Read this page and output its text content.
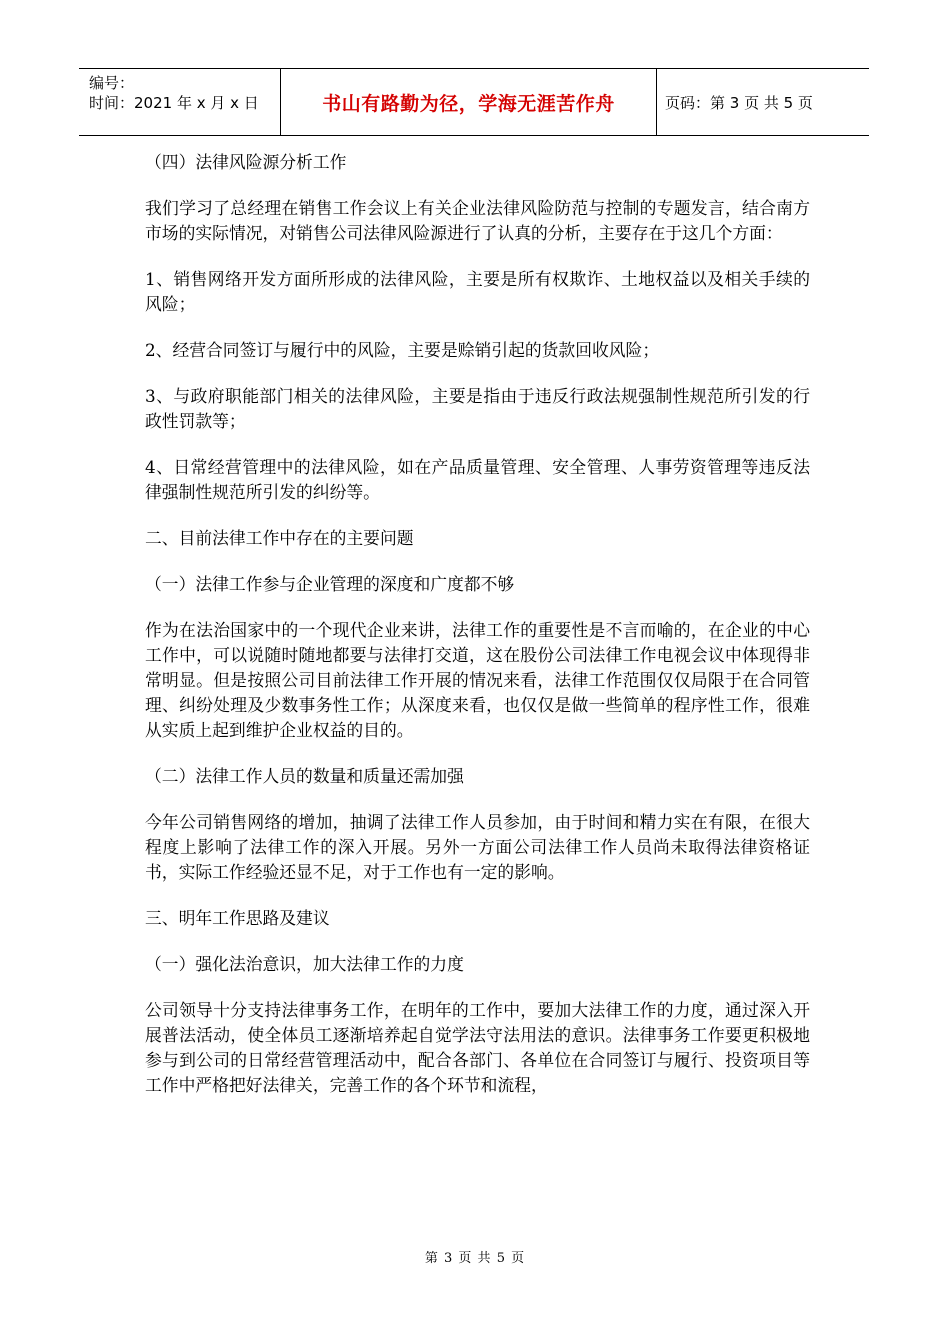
编号：
时间：2021 年 x 月 x 日	书山有路勤为径，学海无涯苦作舟	页码：第 3 页 共 5 页

（四）法律风险源分析工作

我们学习了总经理在销售工作会议上有关企业法律风险防范与控制的专题发言，结合南方市场的实际情况，对销售公司法律风险源进行了认真的分析，主要存在于这几个方面：

1、销售网络开发方面所形成的法律风险，主要是所有权欺诈、土地权益以及相关手续的风险；

2、经营合同签订与履行中的风险，主要是赊销引起的货款回收风险；

3、与政府职能部门相关的法律风险，主要是指由于违反行政法规强制性规范所引发的行政性罚款等；

4、日常经营管理中的法律风险，如在产品质量管理、安全管理、人事劳资管理等违反法律强制性规范所引发的纠纷等。

二、目前法律工作中存在的主要问题

（一）法律工作参与企业管理的深度和广度都不够

作为在法治国家中的一个现代企业来讲，法律工作的重要性是不言而喻的，在企业的中心工作中，可以说随时随地都要与法律打交道，这在股份公司法律工作电视会议中体现得非常明显。但是按照公司目前法律工作开展的情况来看，法律工作范围仅仅局限于在合同管理、纠纷处理及少数事务性工作；从深度来看，也仅仅是做一些简单的程序性工作，很难从实质上起到维护企业权益的目的。

（二）法律工作人员的数量和质量还需加强

今年公司销售网络的增加，抽调了法律工作人员参加，由于时间和精力实在有限，在很大程度上影响了法律工作的深入开展。另外一方面公司法律工作人员尚未取得法律资格证书，实际工作经验还显不足，对于工作也有一定的影响。

三、明年工作思路及建议

（一）强化法治意识，加大法律工作的力度

公司领导十分支持法律事务工作，在明年的工作中，要加大法律工作的力度，通过深入开展普法活动，使全体员工逐渐培养起自觉学法守法用法的意识。法律事务工作要更积极地参与到公司的日常经营管理活动中，配合各部门、各单位在合同签订与履行、投资项目等工作中严格把好法律关，完善工作的各个环节和流程，

第 3 页 共 5 页
